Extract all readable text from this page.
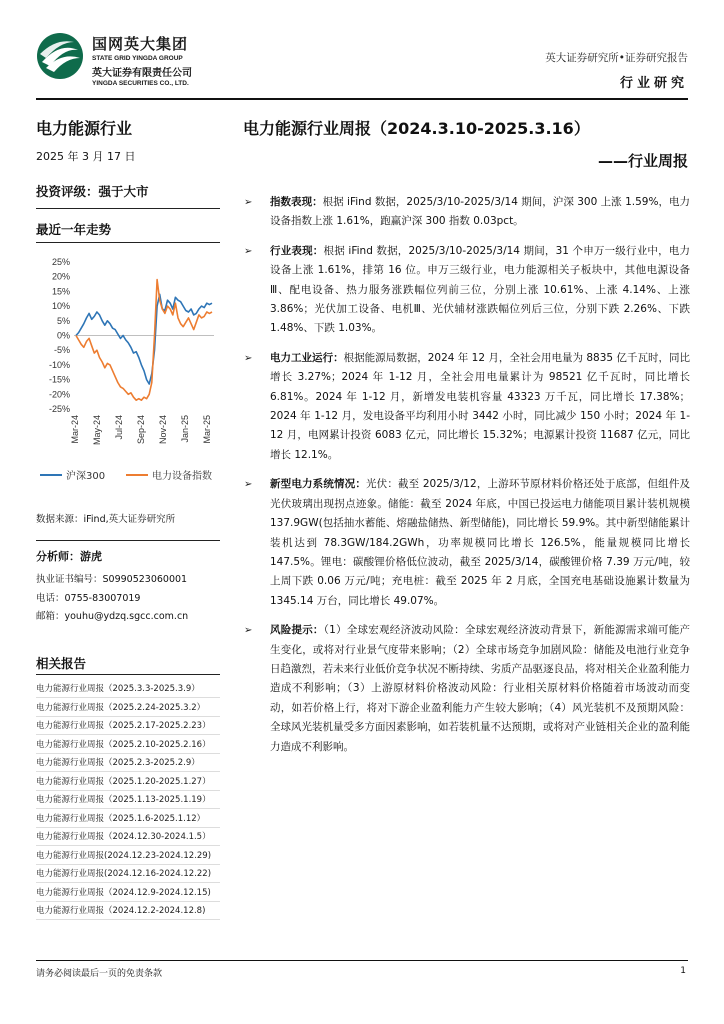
国网英大集团
STATE GRID YINGDA GROUP
英大证券有限责任公司
YINGDA SECURITIES CO., LTD.
英大证券研究所•证券研究报告
行业研究
电力能源行业
2025 年 3 月 17 日
投资评级：强于大市
最近一年走势
25%
20%
15%
10%
5%
0%
-5%
-10%
-15%
-20%
-25%
Mar-24 May-24 Jul-24 Sep-24 Nov-24 Jan-25 Mar-25
沪深300	电力设备指数
数据来源：iFind,英大证券研究所
分析师：游虎
执业证书编号：S0990523060001
电话：0755-83007019
邮箱：youhu@ydzq.sgcc.com.cn
相关报告
电力能源行业周报（2025.3.3-2025.3.9）
电力能源行业周报（2025.2.24-2025.3.2）
电力能源行业周报（2025.2.17-2025.2.23）
电力能源行业周报（2025.2.10-2025.2.16）
电力能源行业周报（2025.2.3-2025.2.9）
电力能源行业周报（2025.1.20-2025.1.27）
电力能源行业周报（2025.1.13-2025.1.19）
电力能源行业周报（2025.1.6-2025.1.12）
电力能源行业周报（2024.12.30-2024.1.5）
电力能源行业周报(2024.12.23-2024.12.29)
电力能源行业周报(2024.12.16-2024.12.22)
电力能源行业周报（2024.12.9-2024.12.15)
电力能源行业周报（2024.12.2-2024.12.8)
电力能源行业周报（2024.3.10-2025.3.16）
——行业周报
➢ 指数表现：根据 iFind 数据，2025/3/10-2025/3/14 期间，沪深 300 上涨 1.59%，电力设备指数上涨 1.61%，跑赢沪深 300 指数 0.03pct。
➢ 行业表现：根据 iFind 数据，2025/3/10-2025/3/14 期间，31 个申万一级行业中，电力设备上涨 1.61%，排第 16 位。申万三级行业，电力能源相关子板块中，其他电源设备Ⅲ、配电设备、热力服务涨跌幅位列前三位，分别上涨 10.61%、上涨 4.14%、上涨 3.86%；光伏加工设备、电机Ⅲ、光伏辅材涨跌幅位列后三位，分别下跌 2.26%、下跌 1.48%、下跌 1.03%。
➢ 电力工业运行：根据能源局数据，2024 年 12 月，全社会用电量为 8835 亿千瓦时，同比增长 3.27%；2024 年 1-12 月，全社会用电量累计为 98521 亿千瓦时，同比增长 6.81%。2024 年 1-12 月，新增发电装机容量 43323 万千瓦，同比增长 17.38%；2024 年 1-12 月，发电设备平均利用小时 3442 小时，同比减少 150 小时；2024 年 1-12 月，电网累计投资 6083 亿元，同比增长 15.32%；电源累计投资 11687 亿元，同比增长 12.1%。
➢ 新型电力系统情况：光伏：截至 2025/3/12，上游环节原材料价格还处于底部，但组件及光伏玻璃出现拐点迹象。储能：截至 2024 年底，中国已投运电力储能项目累计装机规模 137.9GW(包括抽水蓄能、熔融盐储热、新型储能)，同比增长 59.9%。其中新型储能累计装机达到 78.3GW/184.2GWh，功率规模同比增长 126.5%，能量规模同比增长 147.5%。锂电：碳酸锂价格低位波动，截至 2025/3/14，碳酸锂价格 7.39 万元/吨，较上周下跌 0.06 万元/吨；充电桩：截至 2025 年 2 月底，全国充电基础设施累计数量为 1345.14 万台，同比增长 49.07%。
➢ 风险提示：（1）全球宏观经济波动风险：全球宏观经济波动背景下，新能源需求端可能产生变化，或将对行业景气度带来影响；（2）全球市场竞争加剧风险：储能及电池行业竞争日趋激烈，若未来行业低价竞争状况不断持续、劣质产品驱逐良品，将对相关企业盈利能力造成不利影响；（3）上游原材料价格波动风险：行业相关原材料价格随着市场波动而变动，如若价格上行，将对下游企业盈利能力产生较大影响；（4）风光装机不及预期风险：全球风光装机量受多方面因素影响，如若装机量不达预期，或将对产业链相关企业的盈利能力造成不利影响。
请务必阅读最后一页的免责条款	1
